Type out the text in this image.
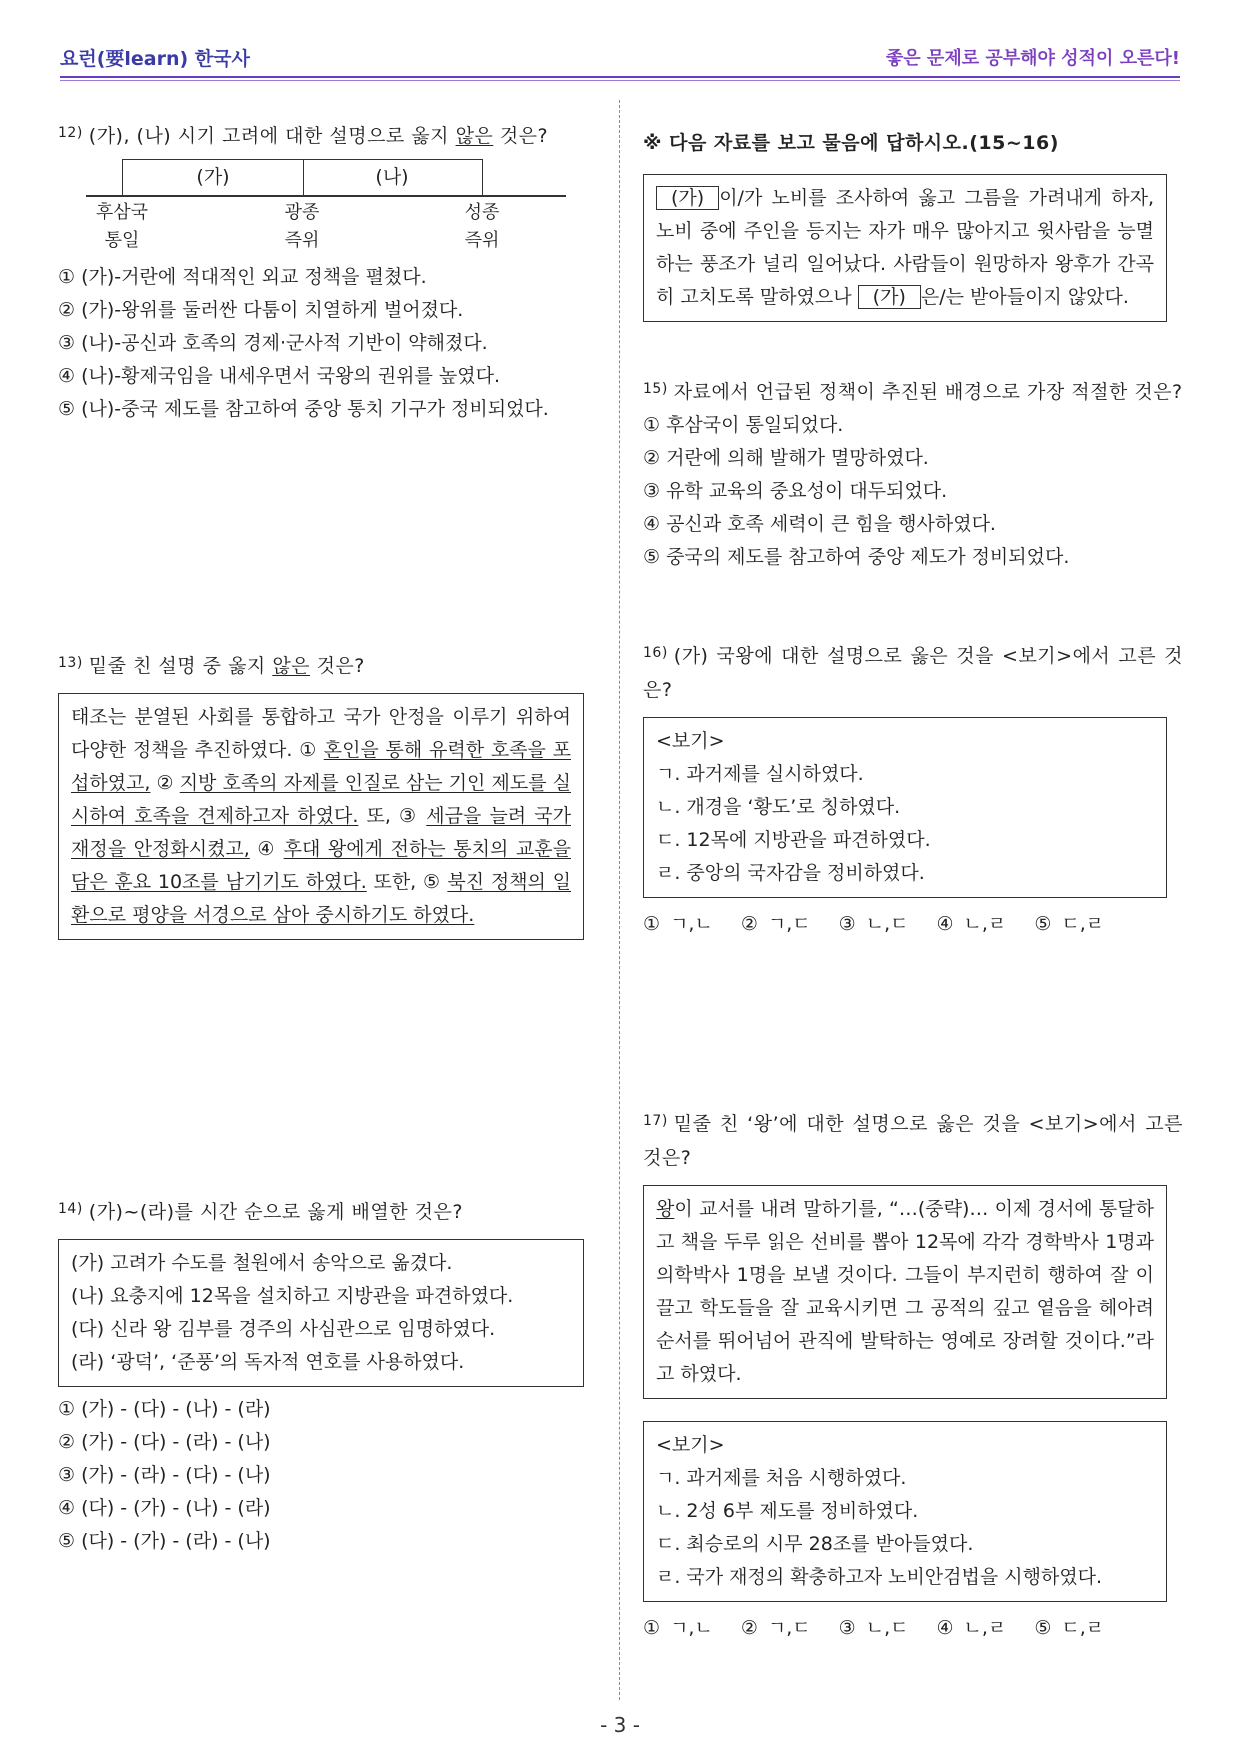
요런(要learn) 한국사	좋은 문제로 공부해야 성적이 오른다!
$^{12)}$ (가), (나) 시기 고려에 대한 설명으로 옳지 않은 것은?
(가)	(나)
후삼국
통일
광종
즉위
성종
즉위
① (가)-거란에 적대적인 외교 정책을 펼쳤다.
② (가)-왕위를 둘러싼 다툼이 치열하게 벌어졌다.
③ (나)-공신과 호족의 경제·군사적 기반이 약해졌다.
④ (나)-황제국임을 내세우면서 국왕의 권위를 높였다.
⑤ (나)-중국 제도를 참고하여 중앙 통치 기구가 정비되었다.
$^{13)}$ 밑줄 친 설명 중 옳지 않은 것은?
태조는 분열된 사회를 통합하고 국가 안정을 이루기 위하여 다양한 정책을 추진하였다. ① 혼인을 통해 유력한 호족을 포섭하였고, ② 지방 호족의 자제를 인질로 삼는 기인 제도를 실시하여 호족을 견제하고자 하였다. 또, ③ 세금을 늘려 국가 재정을 안정화시켰고, ④ 후대 왕에게 전하는 통치의 교훈을 담은 훈요 10조를 남기기도 하였다. 또한, ⑤ 북진 정책의 일환으로 평양을 서경으로 삼아 중시하기도 하였다.
$^{14)}$ (가)~(라)를 시간 순으로 옳게 배열한 것은?
(가) 고려가 수도를 철원에서 송악으로 옮겼다.
(나) 요충지에 12목을 설치하고 지방관을 파견하였다.
(다) 신라 왕 김부를 경주의 사심관으로 임명하였다.
(라) ‘광덕’, ‘준풍’의 독자적 연호를 사용하였다.
① (가) - (다) - (나) - (라)
② (가) - (다) - (라) - (나)
③ (가) - (라) - (다) - (나)
④ (다) - (가) - (나) - (라)
⑤ (다) - (가) - (라) - (나)
※ 다음 자료를 보고 물음에 답하시오.(15~16)
(가) 이/가 노비를 조사하여 옳고 그름을 가려내게 하자, 노비 중에 주인을 등지는 자가 매우 많아지고 윗사람을 능멸하는 풍조가 널리 일어났다. 사람들이 원망하자 왕후가 간곡히 고치도록 말하였으나 (가) 은/는 받아들이지 않았다.
$^{15)}$ 자료에서 언급된 정책이 추진된 배경으로 가장 적절한 것은?
① 후삼국이 통일되었다.
② 거란에 의해 발해가 멸망하였다.
③ 유학 교육의 중요성이 대두되었다.
④ 공신과 호족 세력이 큰 힘을 행사하였다.
⑤ 중국의 제도를 참고하여 중앙 제도가 정비되었다.
$^{16)}$ (가) 국왕에 대한 설명으로 옳은 것을 <보기>에서 고른 것은?
<보기>
ㄱ. 과거제를 실시하였다.
ㄴ. 개경을 ‘황도’로 칭하였다.
ㄷ. 12목에 지방관을 파견하였다.
ㄹ. 중앙의 국자감을 정비하였다.
① ㄱ,ㄴ ② ㄱ,ㄷ ③ ㄴ,ㄷ ④ ㄴ,ㄹ ⑤ ㄷ,ㄹ
$^{17)}$ 밑줄 친 ‘왕’에 대한 설명으로 옳은 것을 <보기>에서 고른 것은?
왕이 교서를 내려 말하기를, “…(중략)… 이제 경서에 통달하고 책을 두루 읽은 선비를 뽑아 12목에 각각 경학박사 1명과 의학박사 1명을 보낼 것이다. 그들이 부지런히 행하여 잘 이끌고 학도들을 잘 교육시키면 그 공적의 깊고 옅음을 헤아려 순서를 뛰어넘어 관직에 발탁하는 영예로 장려할 것이다.”라고 하였다.
<보기>
ㄱ. 과거제를 처음 시행하였다.
ㄴ. 2성 6부 제도를 정비하였다.
ㄷ. 최승로의 시무 28조를 받아들였다.
ㄹ. 국가 재정의 확충하고자 노비안검법을 시행하였다.
① ㄱ,ㄴ ② ㄱ,ㄷ ③ ㄴ,ㄷ ④ ㄴ,ㄹ ⑤ ㄷ,ㄹ
- 3 -
